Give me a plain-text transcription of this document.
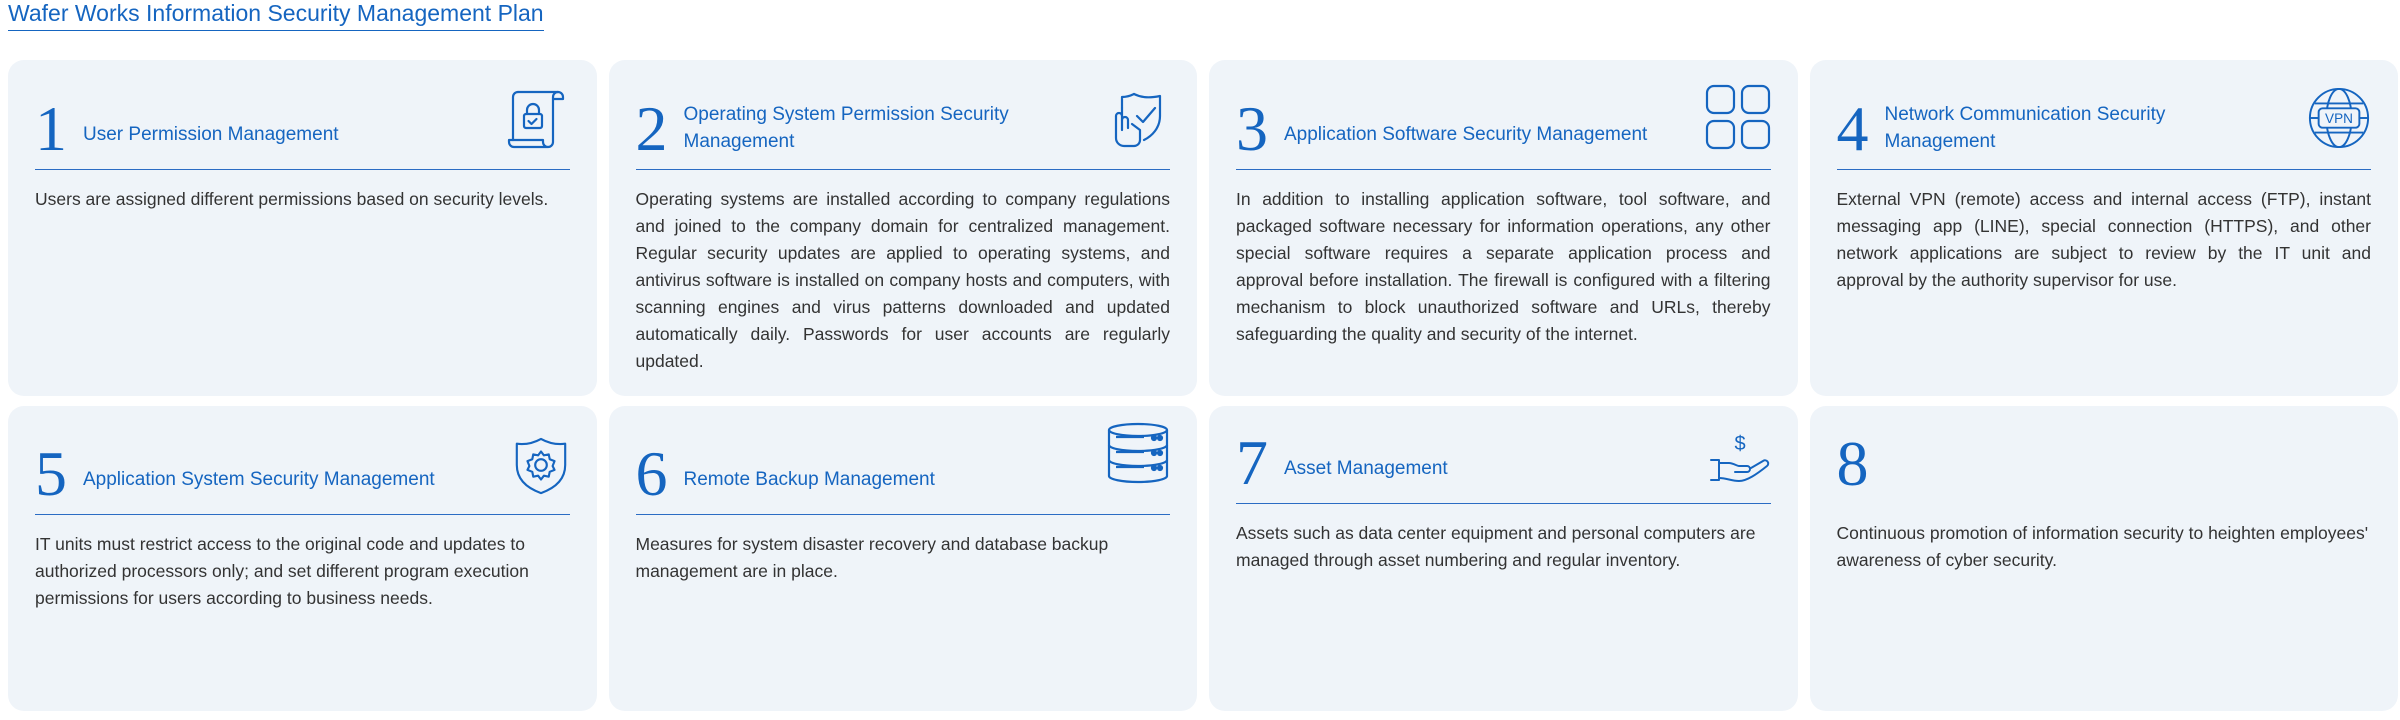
Wafer Works Information Security Management Plan
1 User Permission Management
Users are assigned different permissions based on security levels.
2 Operating System Permission Security Management
Operating systems are installed according to company regulations and joined to the company domain for centralized management. Regular security updates are applied to operating systems, and antivirus software is installed on company hosts and computers, with scanning engines and virus patterns downloaded and updated automatically daily. Passwords for user accounts are regularly updated.
3 Application Software Security Management
In addition to installing application software, tool software, and packaged software necessary for information operations, any other special software requires a separate application process and approval before installation. The firewall is configured with a filtering mechanism to block unauthorized software and URLs, thereby safeguarding the quality and security of the internet.
4 Network Communication Security Management
VPN
External VPN (remote) access and internal access (FTP), instant messaging app (LINE), special connection (HTTPS), and other network applications are subject to review by the IT unit and approval by the authority supervisor for use.
5 Application System Security Management
IT units must restrict access to the original code and updates to authorized processors only; and set different program execution permissions for users according to business needs.
6 Remote Backup Management
Measures for system disaster recovery and database backup management are in place.
7 Asset Management
$
Assets such as data center equipment and personal computers are managed through asset numbering and regular inventory.
8
Continuous promotion of information security to heighten employees' awareness of cyber security.
